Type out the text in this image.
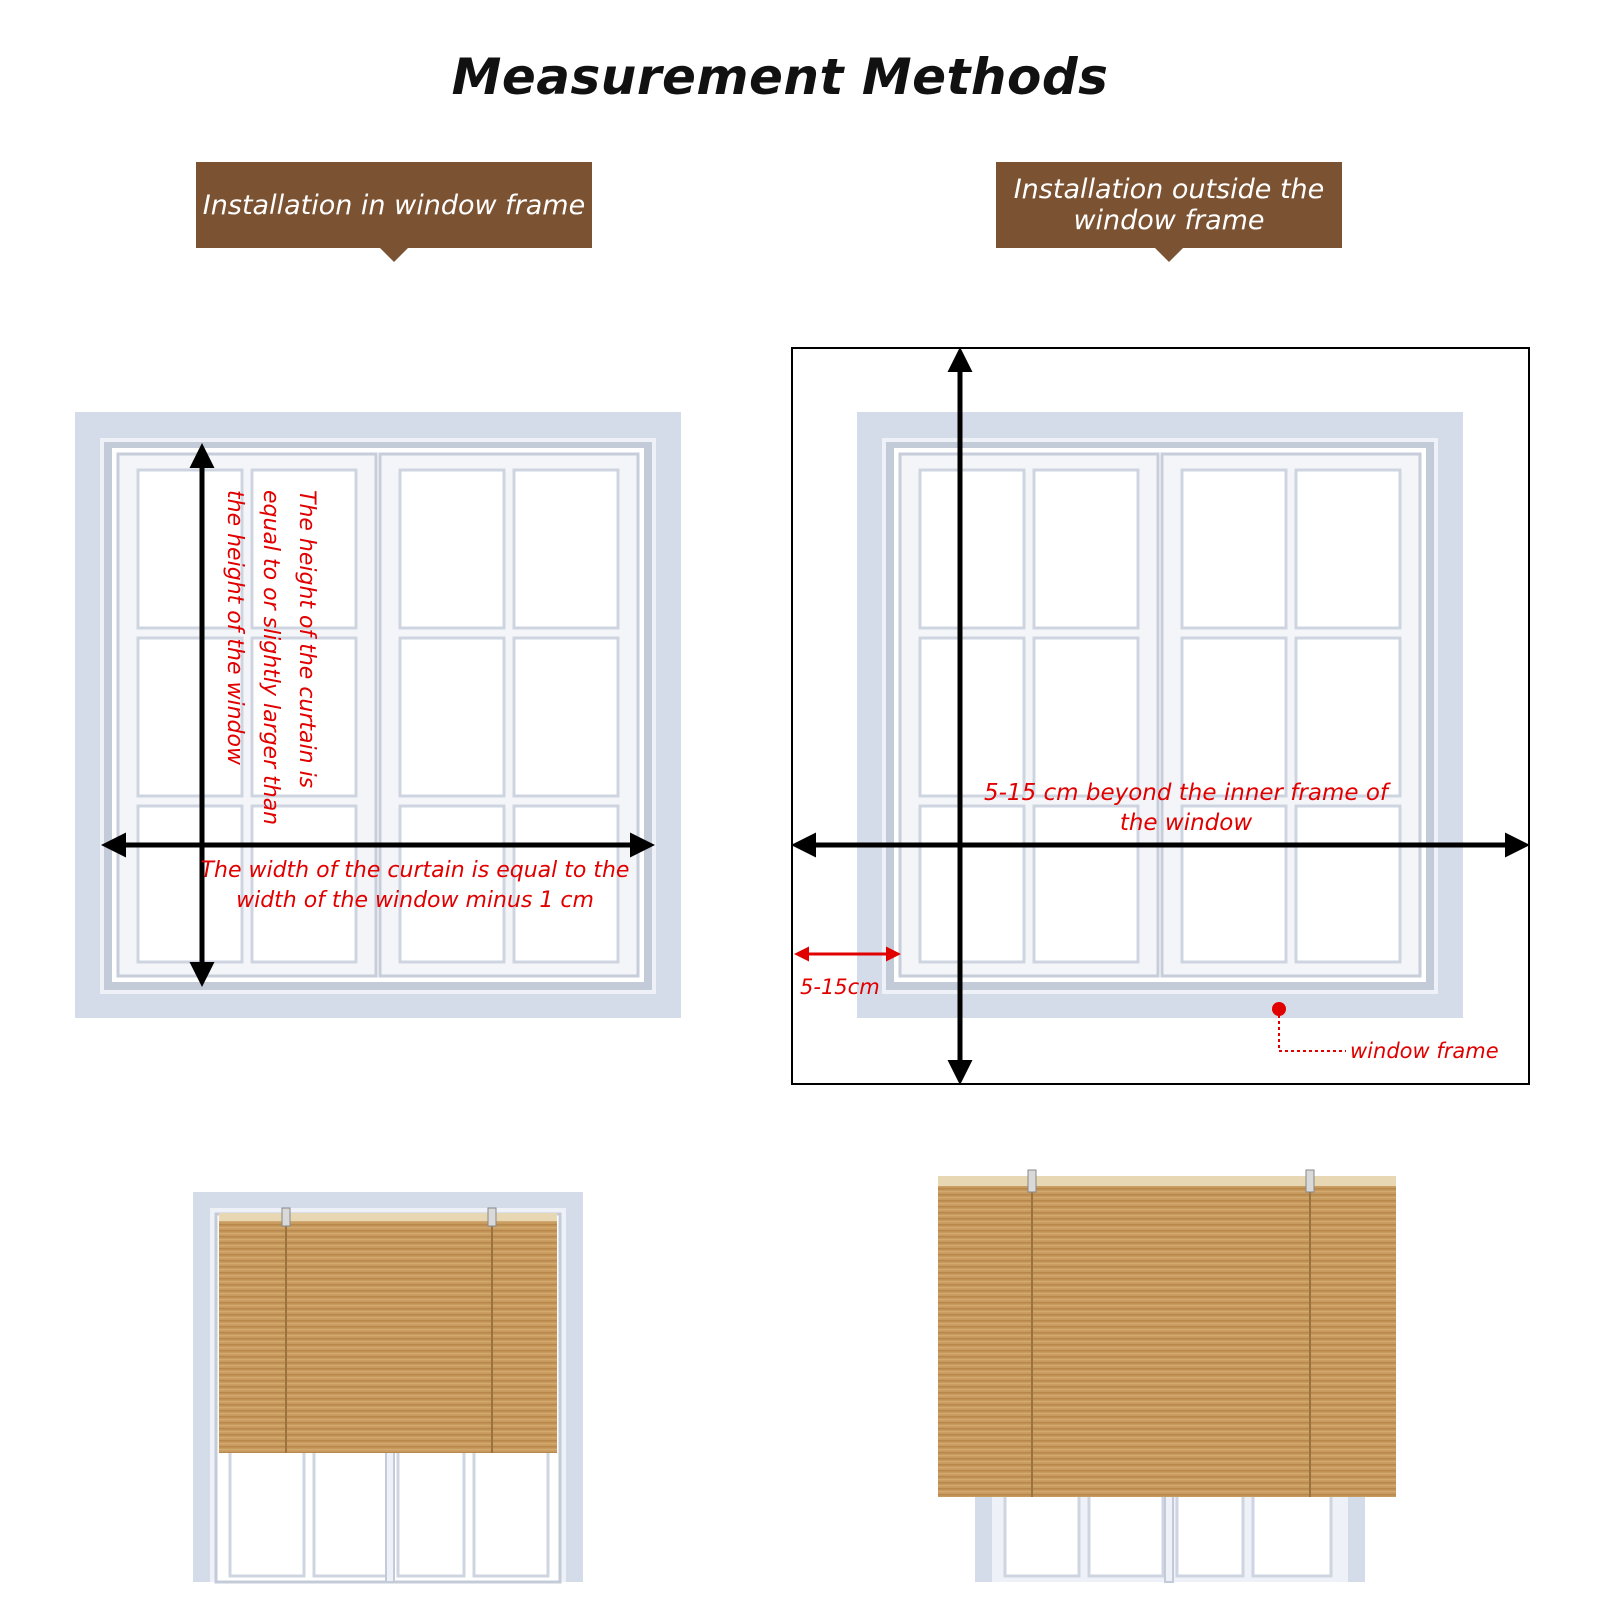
Measurement Methods
Installation in window frame	Installation outside the window frame
The height of the curtain is equal to or slightly larger than the height of the window
The width of the curtain is equal to the width of the window minus 1 cm
5-15 cm beyond the inner frame of the window
5-15cm
window frame
